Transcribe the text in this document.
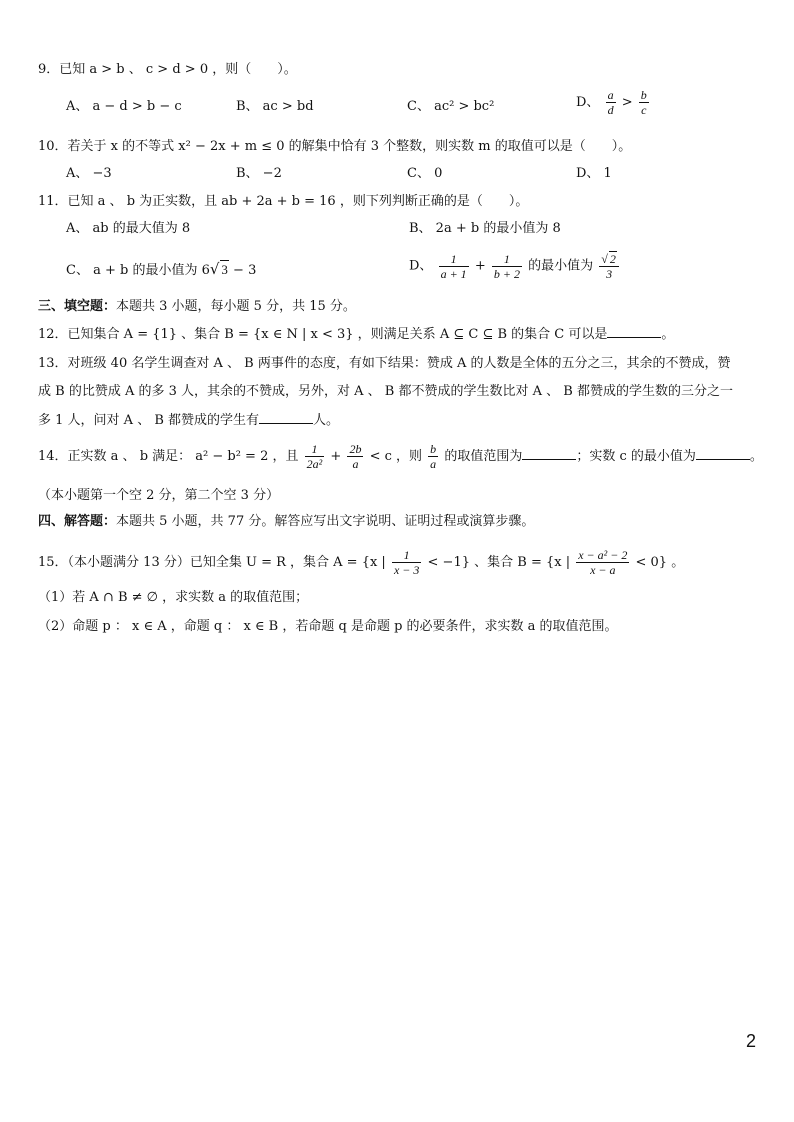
9．已知 a > b 、 c > d > 0 ，则（　　）。
A、 a − d > b − c	B、 ac > bd	C、 ac² > bc²	D、 $\frac{a}{d} > \frac{b}{c}$
10．若关于 x 的不等式 x² − 2x + m ≤ 0 的解集中恰有 3 个整数，则实数 m 的取值可以是（　　）。
A、 −3	B、 −2	C、 0	D、 1
11．已知 a 、 b 为正实数，且 ab + 2a + b = 16 ，则下列判断正确的是（　　）。
A、 ab 的最大值为 8	B、 2a + b 的最小值为 8
C、 a + b 的最小值为 6√ 3 − 3	D、 $\frac{1}{a + 1} + \frac{1}{b + 2}$ 的最小值为 $\frac{√ 2}{3}$
三、填空题：本题共 3 小题，每小题 5 分，共 15 分。
12．已知集合 A = {1} 、集合 B = {x ∈ N | x < 3} ，则满足关系 A ⊆ C ⊆ B 的集合 C 可以是	。
13．对班级 40 名学生调查对 A 、 B 两事件的态度，有如下结果：赞成 A 的人数是全体的五分之三，其余的不赞成，赞
成 B 的比赞成 A 的多 3 人，其余的不赞成，另外，对 A 、 B 都不赞成的学生数比对 A 、 B 都赞成的学生数的三分之一
多 1 人，问对 A 、 B 都赞成的学生有	人。
14．正实数 a 、 b 满足： a² − b² = 2 ，且 $\frac{1}{\text{2a²}} + \frac{2b}{a} < c$ ，则 $\frac{b}{a}$ 的取值范围为	；实数 c 的最小值为	。
（本小题第一个空 2 分，第二个空 3 分）
四、解答题：本题共 5 小题，共 77 分。解答应写出文字说明、证明过程或演算步骤。
15．（本小题满分 13 分）已知全集 U = R ，集合 A = {x | $\frac{1}{x - 3} < -1$} 、集合 B = {x | $\frac{\text{x − a² − 2}}{x - a} < 0$} 。
（1）若 A ∩ B ≠ ∅ ，求实数 a 的取值范围；
（2）命题 p ： x ∈ A ，命题 q ： x ∈ B ，若命题 q 是命题 p 的必要条件，求实数 a 的取值范围。
2
